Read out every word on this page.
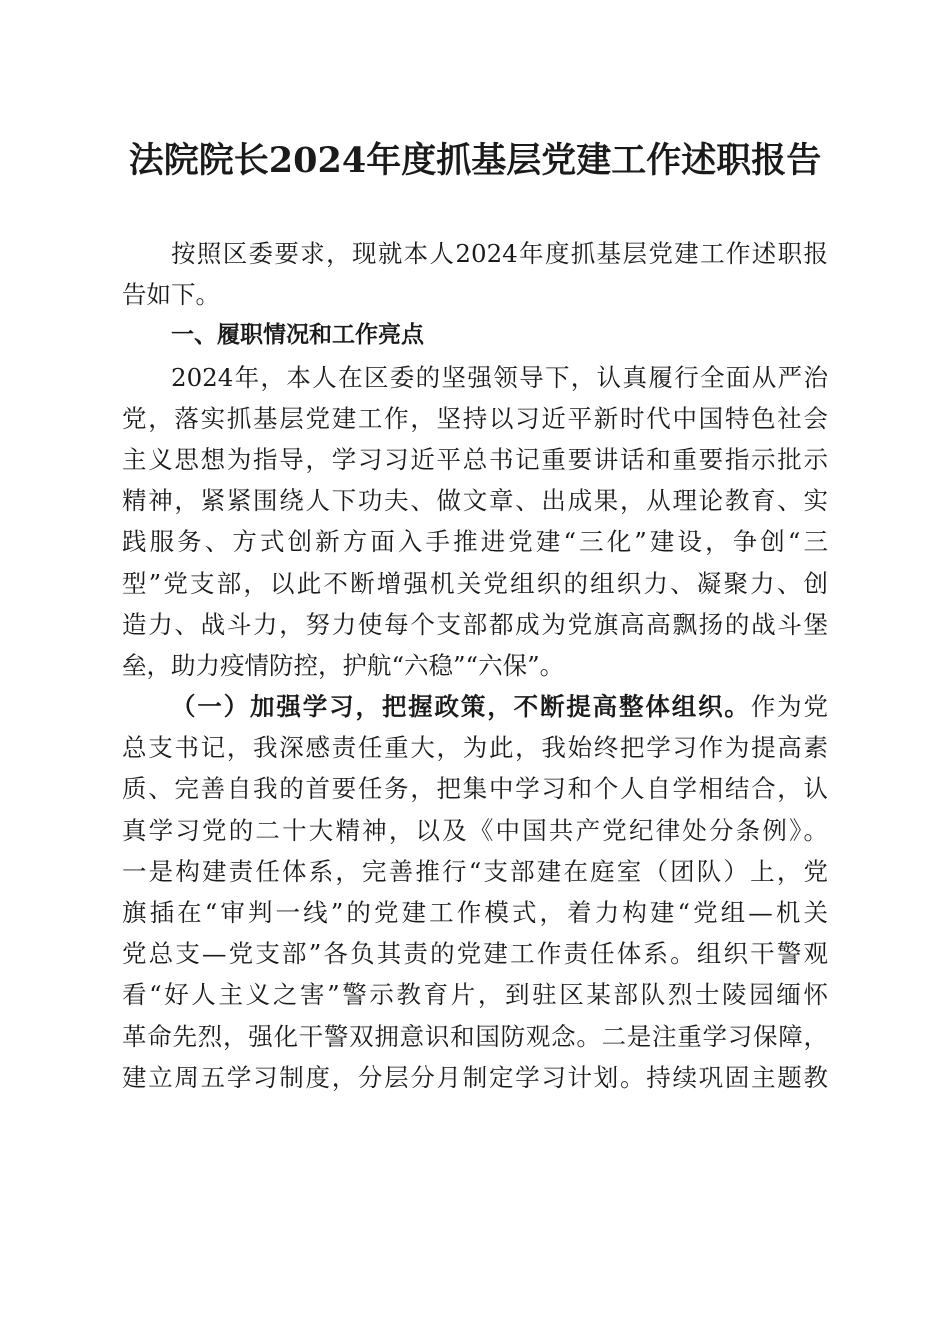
法院院长2024年度抓基层党建工作述职报告
按照区委要求，现就本人2024年度抓基层党建工作述职报
告如下。
一、履职情况和工作亮点
2024年，本人在区委的坚强领导下，认真履行全面从严治
党，落实抓基层党建工作，坚持以习近平新时代中国特色社会
主义思想为指导，学习习近平总书记重要讲话和重要指示批示
精神，紧紧围绕人下功夫、做文章、出成果，从理论教育、实
践服务、方式创新方面入手推进党建“三化”建设，争创“三
型”党支部，以此不断增强机关党组织的组织力、凝聚力、创
造力、战斗力，努力使每个支部都成为党旗高高飘扬的战斗堡
垒，助力疫情防控，护航“六稳”“六保”。
（一）加强学习，把握政策，不断提高整体组织。作为党
总支书记，我深感责任重大，为此，我始终把学习作为提高素
质、完善自我的首要任务，把集中学习和个人自学相结合，认
真学习党的二十大精神，以及《中国共产党纪律处分条例》。
一是构建责任体系，完善推行“支部建在庭室（团队）上，党
旗插在“审判一线”的党建工作模式，着力构建“党组—机关
党总支—党支部”各负其责的党建工作责任体系。组织干警观
看“好人主义之害”警示教育片，到驻区某部队烈士陵园缅怀
革命先烈，强化干警双拥意识和国防观念。二是注重学习保障，
建立周五学习制度，分层分月制定学习计划。持续巩固主题教
